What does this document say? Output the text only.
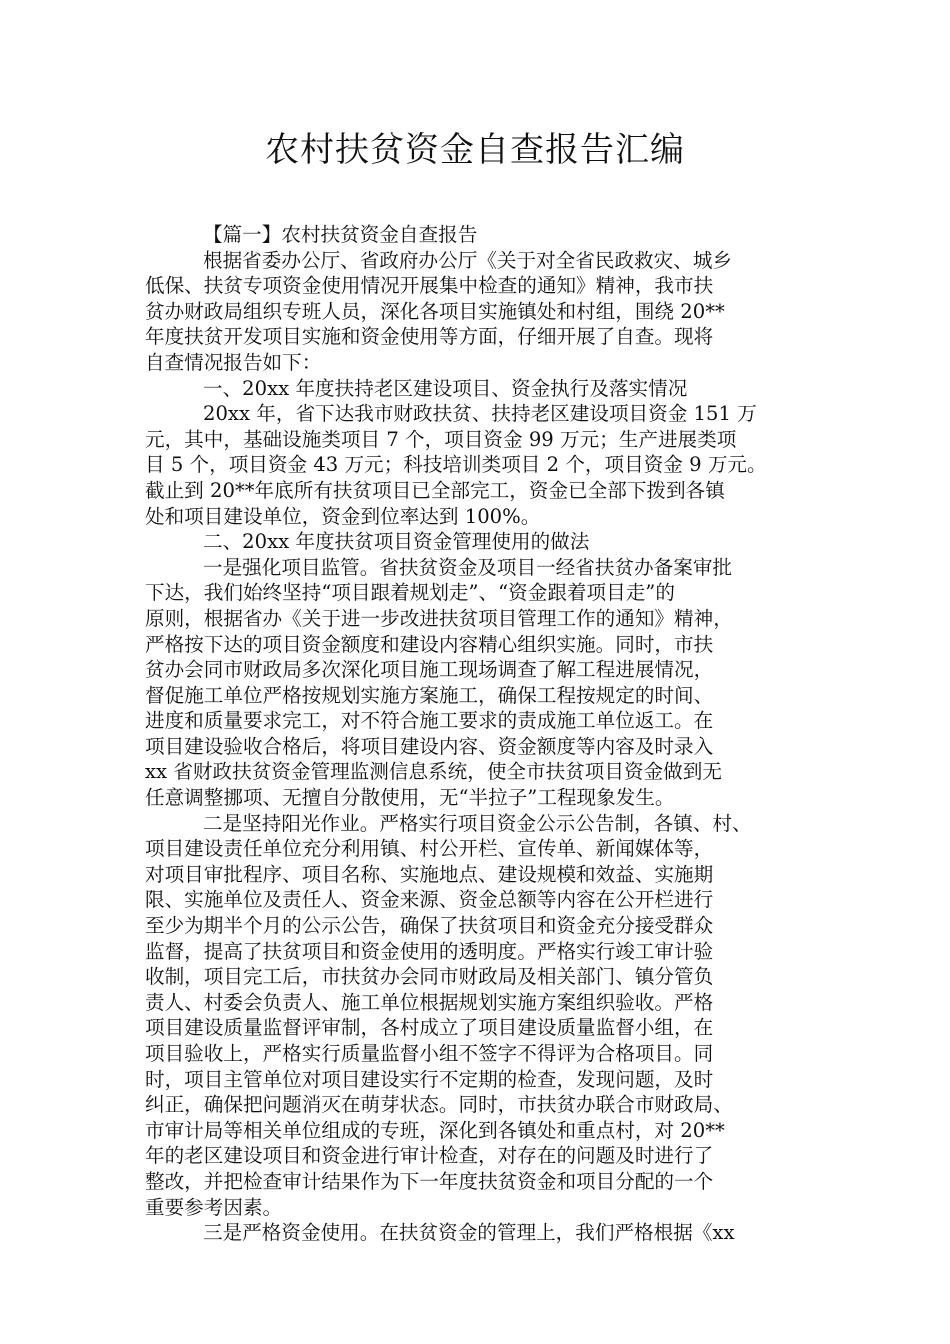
农村扶贫资金自查报告汇编
【篇一】农村扶贫资金自查报告
根据省委办公厅、省政府办公厅《关于对全省民政救灾、城乡
低保、扶贫专项资金使用情况开展集中检查的通知》精神，我市扶
贫办财政局组织专班人员，深化各项目实施镇处和村组，围绕 20**
年度扶贫开发项目实施和资金使用等方面，仔细开展了自查。现将
自查情况报告如下：
一、20xx 年度扶持老区建设项目、资金执行及落实情况
20xx 年，省下达我市财政扶贫、扶持老区建设项目资金 151 万
元，其中，基础设施类项目 7 个，项目资金 99 万元；生产进展类项
目 5 个，项目资金 43 万元；科技培训类项目 2 个，项目资金 9 万元。
截止到 20**年底所有扶贫项目已全部完工，资金已全部下拨到各镇
处和项目建设单位，资金到位率达到 100%。
二、20xx 年度扶贫项目资金管理使用的做法
一是强化项目监管。省扶贫资金及项目一经省扶贫办备案审批
下达，我们始终坚持“项目跟着规划走”、“资金跟着项目走”的
原则，根据省办《关于进一步改进扶贫项目管理工作的通知》精神，
严格按下达的项目资金额度和建设内容精心组织实施。同时，市扶
贫办会同市财政局多次深化项目施工现场调查了解工程进展情况，
督促施工单位严格按规划实施方案施工，确保工程按规定的时间、
进度和质量要求完工，对不符合施工要求的责成施工单位返工。在
项目建设验收合格后，将项目建设内容、资金额度等内容及时录入
xx 省财政扶贫资金管理监测信息系统，使全市扶贫项目资金做到无
任意调整挪项、无擅自分散使用，无“半拉子”工程现象发生。
二是坚持阳光作业。严格实行项目资金公示公告制，各镇、村、
项目建设责任单位充分利用镇、村公开栏、宣传单、新闻媒体等，
对项目审批程序、项目名称、实施地点、建设规模和效益、实施期
限、实施单位及责任人、资金来源、资金总额等内容在公开栏进行
至少为期半个月的公示公告，确保了扶贫项目和资金充分接受群众
监督，提高了扶贫项目和资金使用的透明度。严格实行竣工审计验
收制，项目完工后，市扶贫办会同市财政局及相关部门、镇分管负
责人、村委会负责人、施工单位根据规划实施方案组织验收。严格
项目建设质量监督评审制，各村成立了项目建设质量监督小组，在
项目验收上，严格实行质量监督小组不签字不得评为合格项目。同
时，项目主管单位对项目建设实行不定期的检查，发现问题，及时
纠正，确保把问题消灭在萌芽状态。同时，市扶贫办联合市财政局、
市审计局等相关单位组成的专班，深化到各镇处和重点村，对 20**
年的老区建设项目和资金进行审计检查，对存在的问题及时进行了
整改，并把检查审计结果作为下一年度扶贫资金和项目分配的一个
重要参考因素。
三是严格资金使用。在扶贫资金的管理上，我们严格根据《xx
